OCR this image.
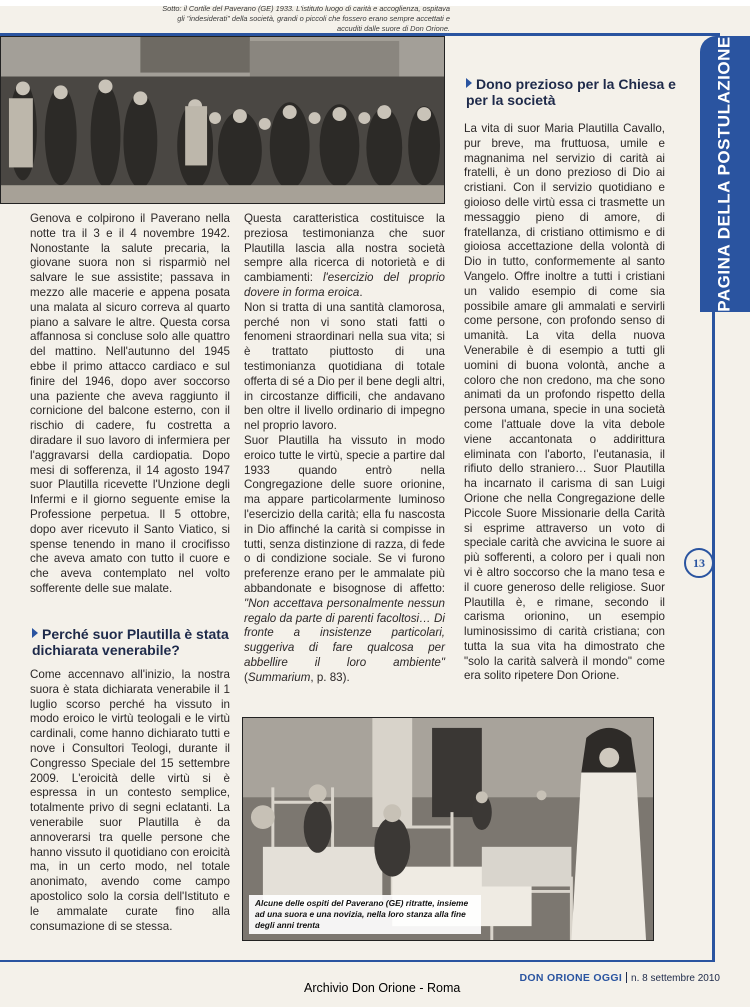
Sotto: il Cortile del Paverano (GE) 1933. L'istituto luogo di carità e accoglienza, ospitava gli "indesiderati" della società, grandi o piccoli che fossero erano sempre accettati e accuditi dalle suore di Don Orione.

Genova e colpirono il Paverano nella notte tra il 3 e il 4 novembre 1942. Nonostante la salute precaria, la giovane suora non si risparmiò nel salvare le sue assistite; passava in mezzo alle macerie e appena posata una malata al sicuro correva al quarto piano a salvare le altre. Questa corsa affannosa si concluse solo alle quattro del mattino. Nell'autunno del 1945 ebbe il primo attacco cardiaco e sul finire del 1946, dopo aver soccorso una paziente che aveva raggiunto il cornicione del balcone esterno, con il rischio di cadere, fu costretta a diradare il suo lavoro di infermiera per l'aggravarsi della cardiopatia. Dopo mesi di sofferenza, il 14 agosto 1947 suor Plautilla ricevette l'Unzione degli Infermi e il giorno seguente emise la Professione perpetua. Il 5 ottobre, dopo aver ricevuto il Santo Viatico, si spense tenendo in mano il crocifisso che aveva amato con tutto il cuore e che aveva contemplato nel volto sofferente delle sue malate.

Questa caratteristica costituisce la preziosa testimonianza che suor Plautilla lascia alla nostra società sempre alla ricerca di notorietà e di cambiamenti: l'esercizio del proprio dovere in forma eroica.

Non si tratta di una santità clamorosa, perché non vi sono stati fatti o fenomeni straordinari nella sua vita; si è trattato piuttosto di una testimonianza quotidiana di totale offerta di sé a Dio per il bene degli altri, in circostanze difficili, che andavano ben oltre il livello ordinario di impegno nel proprio lavoro.

Suor Plautilla ha vissuto in modo eroico tutte le virtù, specie a partire dal 1933 quando entrò nella Congregazione delle suore orionine, ma appare particolarmente luminoso l'esercizio della carità; ella fu nascosta in Dio affinché la carità si compisse in tutti, senza distinzione di razza, di fede o di condizione sociale. Se vi furono preferenze erano per le ammalate più abbandonate e bisognose di affetto: "Non accettava personalmente nessun regalo da parte di parenti facoltosi… Di fronte a insistenze particolari, suggeriva di fare qualcosa per abbellire il loro ambiente" (Summarium, p. 83).

Perché suor Plautilla è stata dichiarata venerabile?

Come accennavo all'inizio, la nostra suora è stata dichiarata venerabile il 1 luglio scorso perché ha vissuto in modo eroico le virtù teologali e le virtù cardinali, come hanno dichiarato tutti e nove i Consultori Teologi, durante il Congresso Speciale del 15 settembre 2009. L'eroicità delle virtù si è espressa in un contesto semplice, totalmente privo di segni eclatanti. La venerabile suor Plautilla è da annoverarsi tra quelle persone che hanno vissuto il quotidiano con eroicità ma, in un certo modo, nel totale anonimato, avendo come campo apostolico solo la corsia dell'Istituto e le ammalate curate fino alla consumazione di se stessa.

Dono prezioso per la Chiesa e per la società

La vita di suor Maria Plautilla Cavallo, pur breve, ma fruttuosa, umile e magnanima nel servizio di carità ai fratelli, è un dono prezioso di Dio ai cristiani. Con il servizio quotidiano e gioioso delle virtù essa ci trasmette un messaggio pieno di amore, di fratellanza, di cristiano ottimismo e di gioiosa accettazione della volontà di Dio in tutto, conformemente al santo Vangelo. Offre inoltre a tutti i cristiani un valido esempio di come sia possibile amare gli ammalati e servirli come persone, con profondo senso di umanità. La vita della nuova Venerabile è di esempio a tutti gli uomini di buona volontà, anche a coloro che non credono, ma che sono animati da un profondo rispetto della persona umana, specie in una società come l'attuale dove la vita debole viene accantonata o addirittura eliminata con l'aborto, l'eutanasia, il rifiuto dello straniero… Suor Plautilla ha incarnato il carisma di san Luigi Orione che nella Congregazione delle Piccole Suore Missionarie della Carità si esprime attraverso un voto di speciale carità che avvicina le suore ai più sofferenti, a coloro per i quali non vi è altro soccorso che la mano tesa e il cuore generoso delle religiose. Suor Plautilla è, e rimane, secondo il carisma orionino, un esempio luminosissimo di carità cristiana; con tutta la sua vita ha dimostrato che "solo la carità salverà il mondo" come era solito ripetere Don Orione.

PAGINA DELLA POSTULAZIONE
13
Alcune delle ospiti del Paverano (GE) ritratte, insieme ad una suora e una novizia, nella loro stanza alla fine degli anni trenta
DON ORIONE OGGI n. 8 settembre 2010
Archivio Don Orione - Roma
